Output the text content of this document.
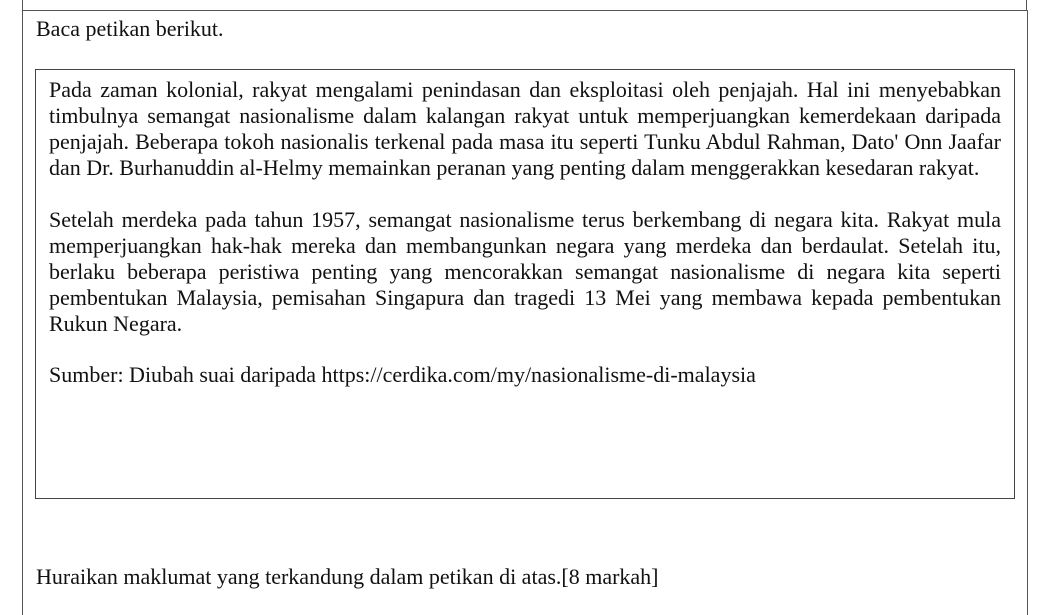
Baca petikan berikut.

Pada zaman kolonial, rakyat mengalami penindasan dan eksploitasi oleh penjajah. Hal ini menyebabkan timbulnya semangat nasionalisme dalam kalangan rakyat untuk memperjuangkan kemerdekaan daripada penjajah. Beberapa tokoh nasionalis terkenal pada masa itu seperti Tunku Abdul Rahman, Dato' Onn Jaafar dan Dr. Burhanuddin al-Helmy memainkan peranan yang penting dalam menggerakkan kesedaran rakyat.

Setelah merdeka pada tahun 1957, semangat nasionalisme terus berkembang di negara kita. Rakyat mula memperjuangkan hak-hak mereka dan membangunkan negara yang merdeka dan berdaulat. Setelah itu, berlaku beberapa peristiwa penting yang mencorakkan semangat nasionalisme di negara kita seperti pembentukan Malaysia, pemisahan Singapura dan tragedi 13 Mei yang membawa kepada pembentukan Rukun Negara.

Sumber: Diubah suai daripada https://cerdika.com/my/nasionalisme-di-malaysia

Huraikan maklumat yang terkandung dalam petikan di atas.[8 markah]
